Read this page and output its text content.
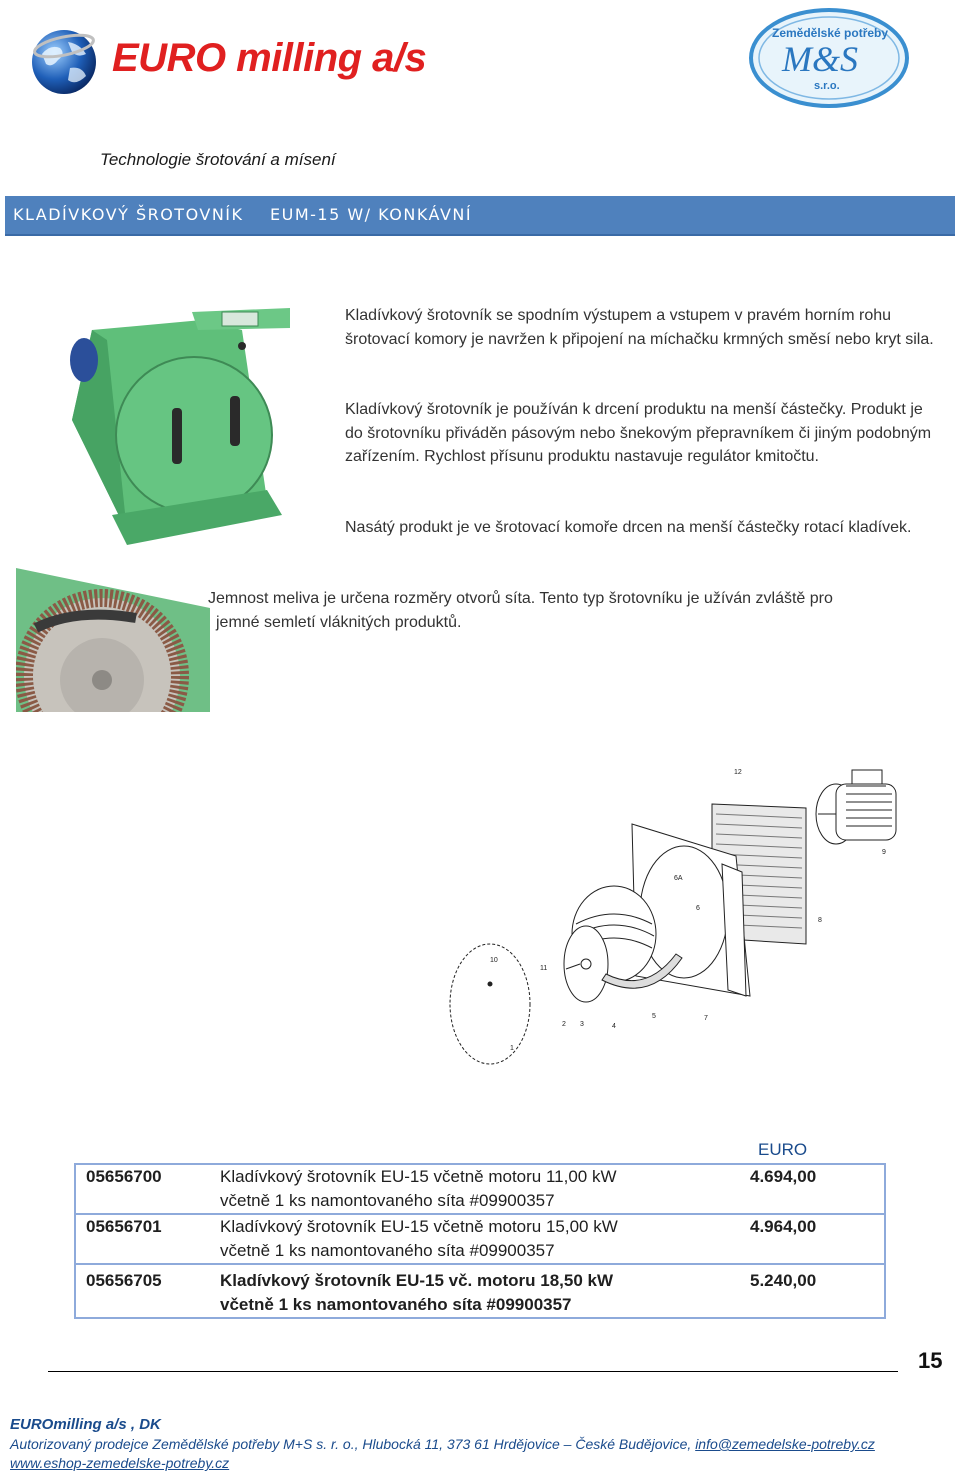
EURO milling a/s
Zemědělské potřeby
M&S
s.r.o.
Technologie šrotování a mísení
KLADÍVKOVÝ ŠROTOVNÍK EUM-15 W/ KONKÁVNÍ
Kladívkový šrotovník se spodním výstupem a vstupem v pravém horním rohu šrotovací komory je navržen k připojení na míchačku krmných směsí nebo kryt sila.
Kladívkový šrotovník je používán k drcení produktu na menší částečky. Produkt je do šrotovníku přiváděn pásovým nebo šnekovým přepravníkem či jiným podobným zařízením. Rychlost přísunu produktu nastavuje regulátor kmitočtu.
Nasátý produkt je ve šrotovací komoře drcen na menší částečky rotací kladívek.
Jemnost meliva je určena rozměry otvorů síta. Tento typ šrotovníku je užíván zvláště pro
jemné semletí vláknitých produktů.
12
9
6A
6
8
10
11
1
2 3	4
5	7
EURO
05656700	Kladívkový šrotovník EU-15 včetně motoru 11,00 kW
včetně 1 ks namontovaného síta #09900357	4.694,00
05656701	Kladívkový šrotovník EU-15 včetně motoru 15,00 kW
včetně 1 ks namontovaného síta #09900357	4.964,00
05656705	Kladívkový šrotovník EU-15 vč. motoru 18,50 kW
včetně 1 ks namontovaného síta #09900357	5.240,00
15
EUROmilling a/s , DK
Autorizovaný prodejce Zemědělské potřeby M+S s. r. o., Hlubocká 11, 373 61 Hrdějovice – České Budějovice, info@zemedelske-potreby.cz
www.eshop-zemedelske-potreby.cz
